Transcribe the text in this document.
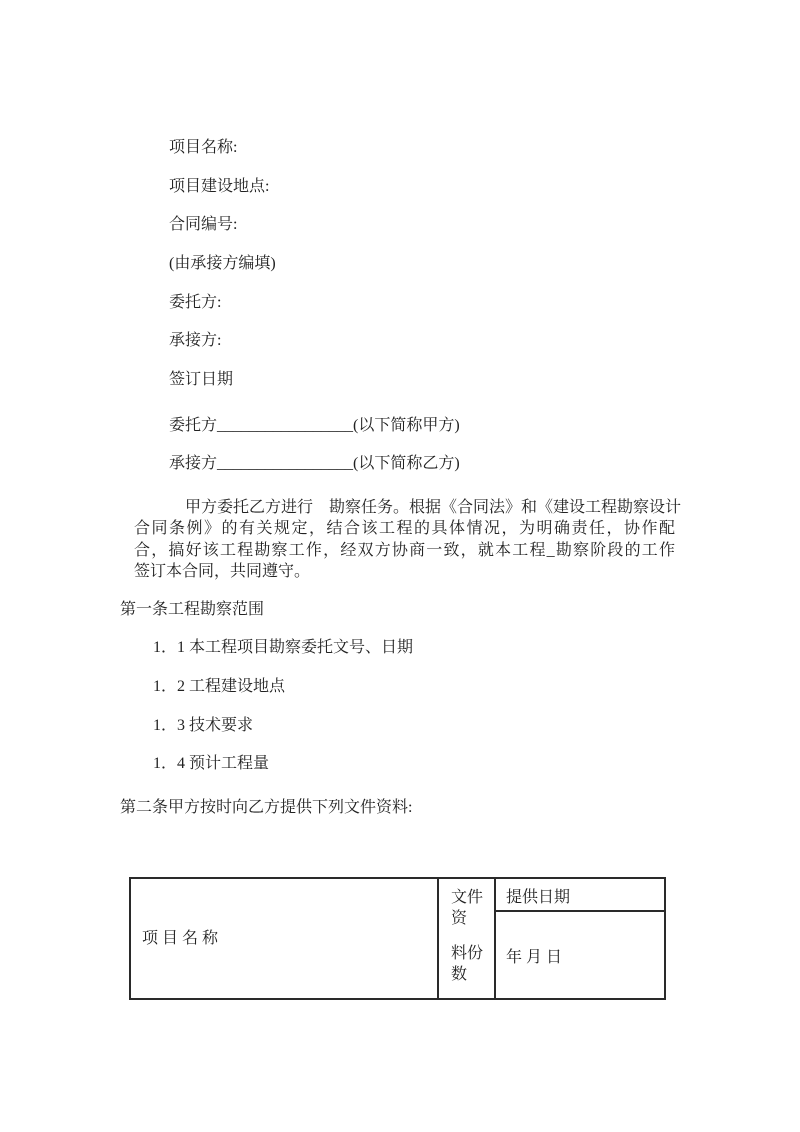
项目名称:
项目建设地点:
合同编号:
(由承接方编填)
委托方:
承接方:
签订日期
委托方_________________(以下简称甲方)
承接方_________________(以下简称乙方)
甲方委托乙方进行　勘察任务。根据《合同法》和《建设工程勘察设计
合同条例》的有关规定，结合该工程的具体情况，为明确责任，协作配
合，搞好该工程勘察工作，经双方协商一致，就本工程_勘察阶段的工作
签订本合同，共同遵守。
第一条工程勘察范围
1．1 本工程项目勘察委托文号、日期
1．2 工程建设地点
1．3 技术要求
1．4 预计工程量
第二条甲方按时向乙方提供下列文件资料:
项 目 名 称
文件资
料份数
提供日期
年 月 日
